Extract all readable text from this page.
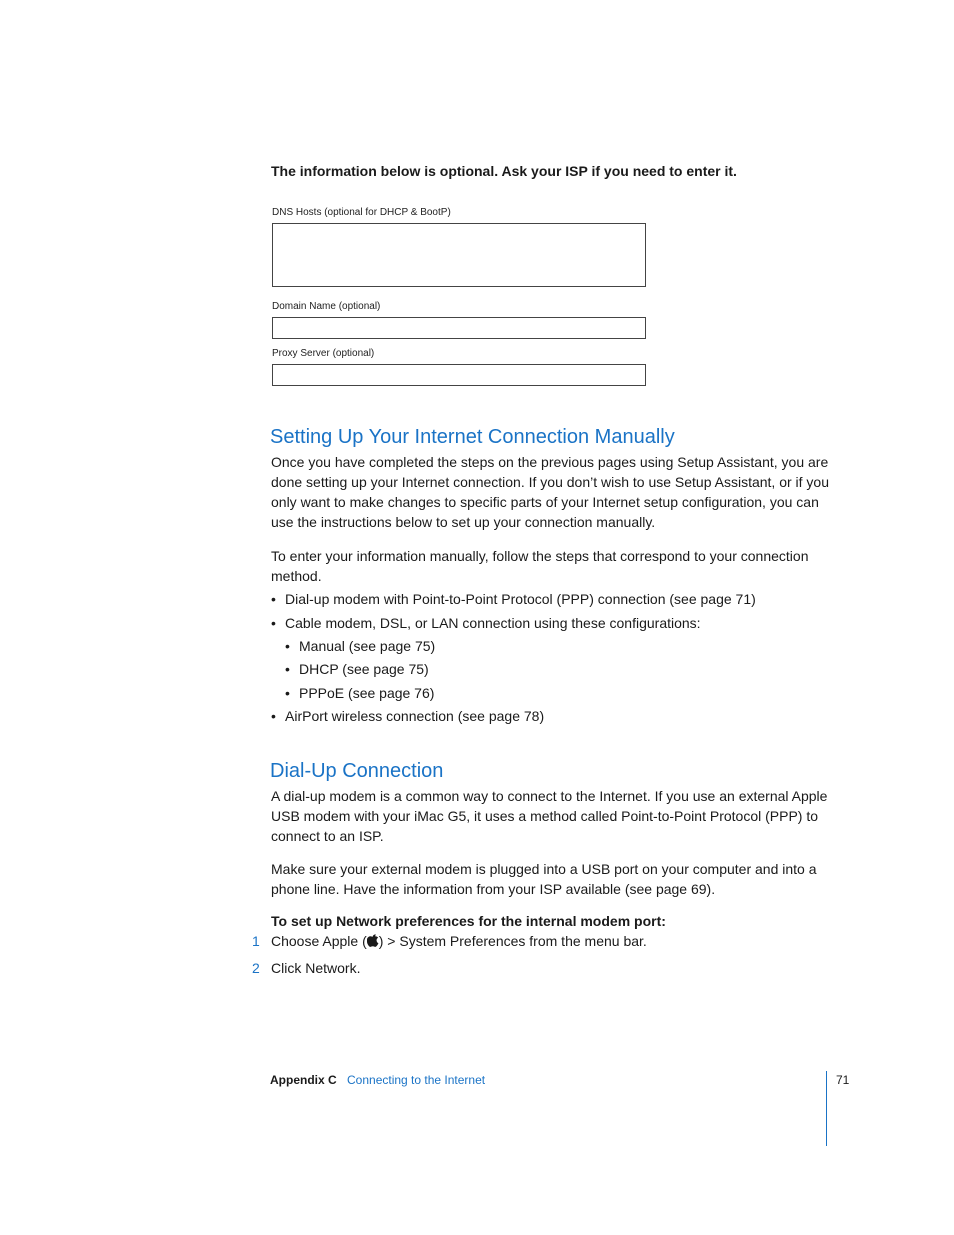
The information below is optional. Ask your ISP if you need to enter it.
DNS Hosts (optional for DHCP & BootP)
Domain Name (optional)
Proxy Server (optional)
Setting Up Your Internet Connection Manually
Once you have completed the steps on the previous pages using Setup Assistant, you are done setting up your Internet connection. If you don’t wish to use Setup Assistant, or if you only want to make changes to specific parts of your Internet setup configuration, you can use the instructions below to set up your connection manually.
To enter your information manually, follow the steps that correspond to your connection method.
• Dial-up modem with Point-to-Point Protocol (PPP) connection (see page 71)
• Cable modem, DSL, or LAN connection using these configurations:
• Manual (see page 75)
• DHCP (see page 75)
• PPPoE (see page 76)
• AirPort wireless connection (see page 78)
Dial-Up Connection
A dial-up modem is a common way to connect to the Internet. If you use an external Apple USB modem with your iMac G5, it uses a method called Point-to-Point Protocol (PPP) to connect to an ISP.
Make sure your external modem is plugged into a USB port on your computer and into a phone line. Have the information from your ISP available (see page 69).
To set up Network preferences for the internal modem port:
1 Choose Apple ( ) > System Preferences from the menu bar.
2 Click Network.
Appendix C Connecting to the Internet	71
